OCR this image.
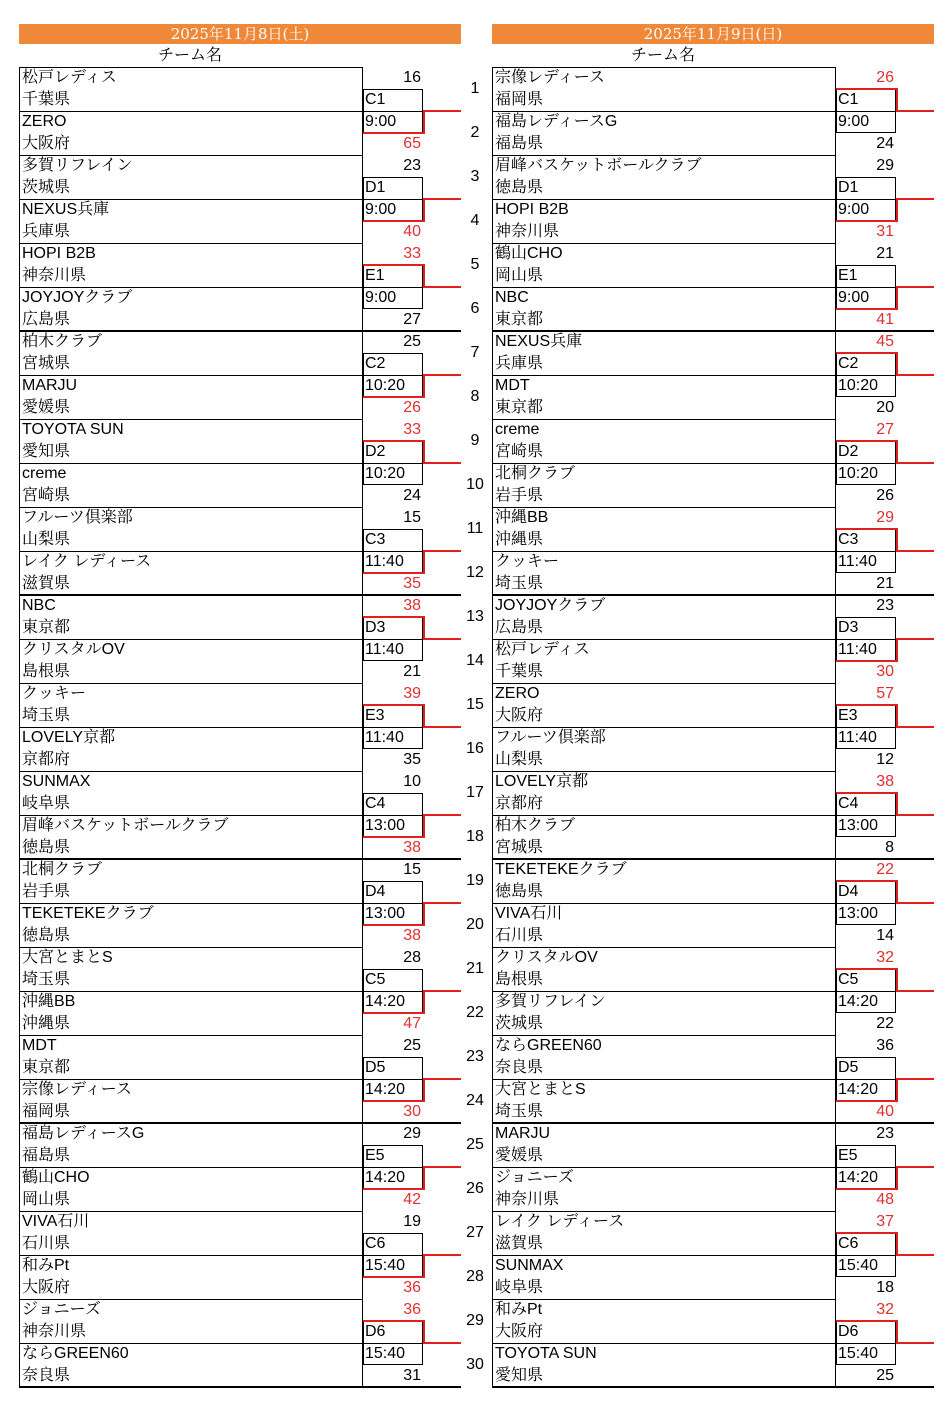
2025年11月8日(土)
チーム名
松戸レディス
千葉県
ZERO
大阪府
16
65
C1
9:00
多賀リフレイン
茨城県
NEXUS兵庫
兵庫県
23
40
D1
9:00
HOPI B2B
神奈川県
JOYJOYクラブ
広島県
33
27
E1
9:00
柏木クラブ
宮城県
MARJU
愛媛県
25
26
C2
10:20
TOYOTA SUN
愛知県
creme
宮崎県
33
24
D2
10:20
フルーツ倶楽部
山梨県
レイク レディース
滋賀県
15
35
C3
11:40
NBC
東京都
クリスタルOV
島根県
38
21
D3
11:40
クッキー
埼玉県
LOVELY京都
京都府
39
35
E3
11:40
SUNMAX
岐阜県
眉峰バスケットボールクラブ
徳島県
10
38
C4
13:00
北桐クラブ
岩手県
TEKETEKEクラブ
徳島県
15
38
D4
13:00
大宮とまとS
埼玉県
沖縄BB
沖縄県
28
47
C5
14:20
MDT
東京都
宗像レディース
福岡県
25
30
D5
14:20
福島レディースG
福島県
鶴山CHO
岡山県
29
42
E5
14:20
VIVA石川
石川県
和みPt
大阪府
19
36
C6
15:40
ジョニーズ
神奈川県
ならGREEN60
奈良県
36
31
D6
15:40
2025年11月9日(日)
チーム名
宗像レディース
福岡県
福島レディースG
福島県
26
24
C1
9:00
眉峰バスケットボールクラブ
徳島県
HOPI B2B
神奈川県
29
31
D1
9:00
鶴山CHO
岡山県
NBC
東京都
21
41
E1
9:00
NEXUS兵庫
兵庫県
MDT
東京都
45
20
C2
10:20
creme
宮崎県
北桐クラブ
岩手県
27
26
D2
10:20
沖縄BB
沖縄県
クッキー
埼玉県
29
21
C3
11:40
JOYJOYクラブ
広島県
松戸レディス
千葉県
23
30
D3
11:40
ZERO
大阪府
フルーツ倶楽部
山梨県
57
12
E3
11:40
LOVELY京都
京都府
柏木クラブ
宮城県
38
8
C4
13:00
TEKETEKEクラブ
徳島県
VIVA石川
石川県
22
14
D4
13:00
クリスタルOV
島根県
多賀リフレイン
茨城県
32
22
C5
14:20
ならGREEN60
奈良県
大宮とまとS
埼玉県
36
40
D5
14:20
MARJU
愛媛県
ジョニーズ
神奈川県
23
48
E5
14:20
レイク レディース
滋賀県
SUNMAX
岐阜県
37
18
C6
15:40
和みPt
大阪府
TOYOTA SUN
愛知県
32
25
D6
15:40
1
2
3
4
5
6
7
8
9
10
11
12
13
14
15
16
17
18
19
20
21
22
23
24
25
26
27
28
29
30
